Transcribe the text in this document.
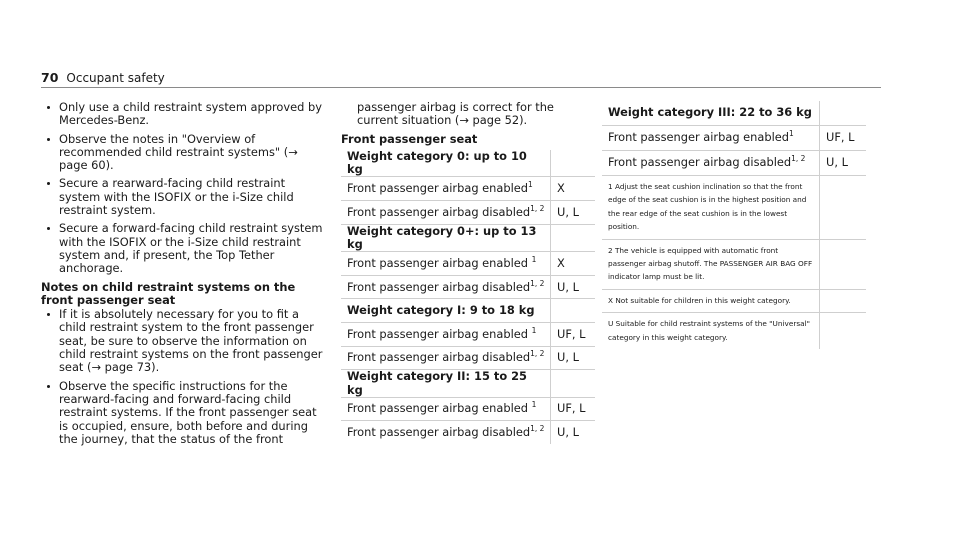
70 Occupant safety
Only use a child restraint system approved by Mercedes-Benz.
Observe the notes in "Overview of recommended child restraint systems" (→ page 60).
Secure a rearward-facing child restraint system with the ISOFIX or the i-Size child restraint system.
Secure a forward-facing child restraint system with the ISOFIX or the i-Size child restraint system and, if present, the Top Tether anchorage.
Notes on child restraint systems on the front passenger seat
If it is absolutely necessary for you to fit a child restraint system to the front passenger seat, be sure to observe the information on child restraint systems on the front passenger seat (→ page 73).
Observe the specific instructions for the rearward-facing and forward-facing child restraint systems. If the front passenger seat is occupied, ensure, both before and during the journey, that the status of the front

passenger airbag is correct for the current situation (→ page 52).

Front passenger seat
Weight category 0: up to 10 kg	
Front passenger airbag enabled$^1$	X
Front passenger airbag disabled$^{1, 2}$	U, L
Weight category 0+: up to 13 kg	
Front passenger airbag enabled $^1$	X
Front passenger airbag disabled$^{1, 2}$	U, L
Weight category I: 9 to 18 kg	
Front passenger airbag enabled $^1$	UF, L
Front passenger airbag disabled$^{1, 2}$	U, L
Weight category II: 15 to 25 kg	
Front passenger airbag enabled $^1$	UF, L
Front passenger airbag disabled$^{1, 2}$	U, L
Weight category III: 22 to 36 kg	
Front passenger airbag enabled$^1$	UF, L
Front passenger airbag disabled$^{1, 2}$	U, L
1 Adjust the seat cushion inclination so that the front edge of the seat cushion is in the highest position and the rear edge of the seat cushion is in the lowest position.	
2 The vehicle is equipped with automatic front passenger airbag shutoff. The PASSENGER AIR BAG OFF indicator lamp must be lit.	
X Not suitable for children in this weight category.	
U Suitable for child restraint systems of the "Universal" category in this weight category.	
